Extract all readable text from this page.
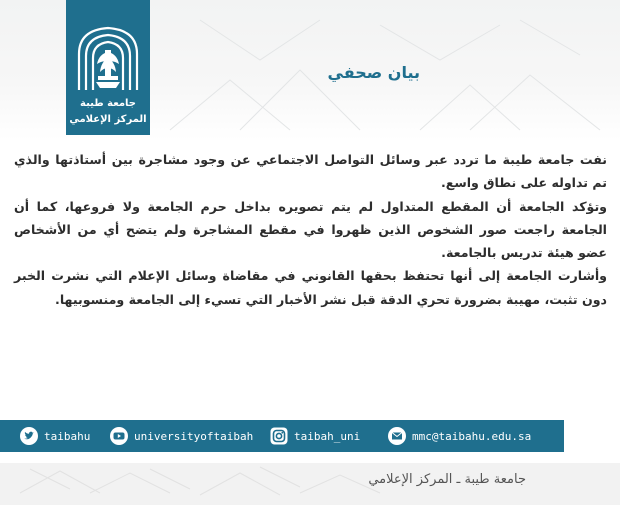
جامعة طيبة
المركز الإعلامي
بيان صحفي

نفت جامعة طيبة ما تردد عبر وسائل التواصل الاجتماعي عن وجود مشاجرة بين أستاذتها والذي تم تداوله على نطاق واسع.

وتؤكد الجامعة أن المقطع المتداول لم يتم تصويره بداخل حرم الجامعة ولا فروعها، كما أن الجامعة راجعت صور الشخوص الذين ظهروا في مقطع المشاجرة ولم يتضح أي من الأشخاص عضو هيئة تدريس بالجامعة.

وأشارت الجامعة إلى أنها تحتفظ بحقها القانوني في مقاضاة وسائل الإعلام التي نشرت الخبر دون تثبت، مهيبة بضرورة تحري الدقة قبل نشر الأخبار التي تسيء إلى الجامعة ومنسوبيها.

taibahu	universityoftaibah	taibah_uni	mmc@taibahu.edu.sa
جامعة طيبة ـ المركز الإعلامي
